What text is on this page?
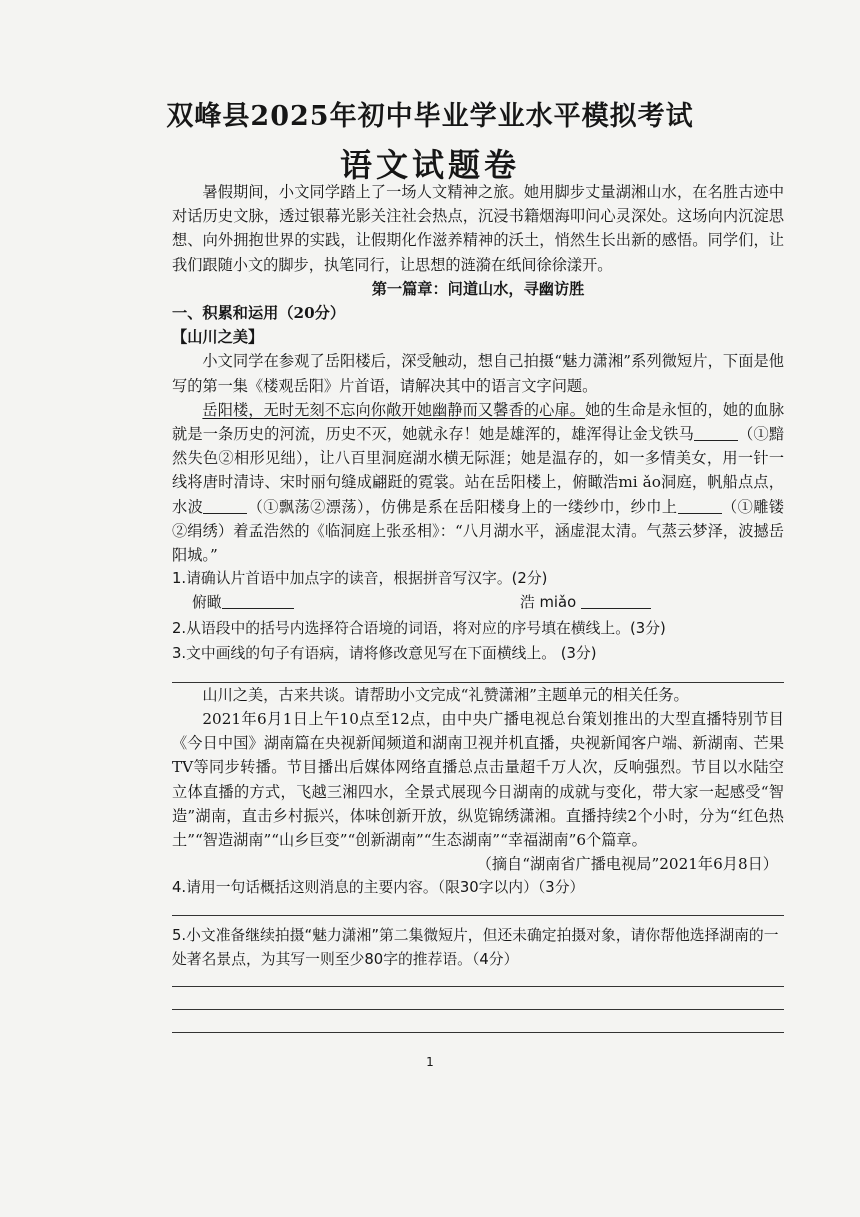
双峰县2025年初中毕业学业水平模拟考试
语文试题卷

暑假期间，小文同学踏上了一场人文精神之旅。她用脚步丈量湖湘山水，在名胜古迹中对话历史文脉，透过银幕光影关注社会热点，沉浸书籍烟海叩问心灵深处。这场向内沉淀思想、向外拥抱世界的实践，让假期化作滋养精神的沃土，悄然生长出新的感悟。同学们，让我们跟随小文的脚步，执笔同行，让思想的涟漪在纸间徐徐漾开。

第一篇章：问道山水，寻幽访胜

一、积累和运用（20分）

【山川之美】

小文同学在参观了岳阳楼后，深受触动，想自己拍摄“魅力潇湘”系列微短片，下面是他写的第一集《楼观岳阳》片首语，请解决其中的语言文字问题。

岳阳楼，无时无刻不忘向你敞开她幽静而又馨香的心扉。她的生命是永恒的，她的血脉就是一条历史的河流，历史不灭，她就永存！她是雄浑的，雄浑得让金戈铁马	（①黯然失色②相形见绌），让八百里洞庭湖水横无际涯；她是温存的，如一多情美女，用一针一线将唐时清诗、宋时丽句缝成翩跹的霓裳。站在岳阳楼上，俯瞰浩mi ǎo洞庭，帆船点点，水波	（①飘荡②漂荡），仿佛是系在岳阳楼身上的一缕纱巾，纱巾上	（①雕镂 ②绢绣）着孟浩然的《临洞庭上张丞相》：“八月湖水平，涵虚混太清。气蒸云梦泽，波撼岳阳城。”

1.请确认片首语中加点字的读音，根据拼音写汉字。(2分)

俯瞰	浩 miǎo

2.从语段中的括号内选择符合语境的词语，将对应的序号填在横线上。(3分)

3.文中画线的句子有语病，请将修改意见写在下面横线上。 (3分)

山川之美，古来共谈。请帮助小文完成“礼赞潇湘”主题单元的相关任务。

2021年6月1日上午10点至12点，由中央广播电视总台策划推出的大型直播特别节目《今日中国》湖南篇在央视新闻频道和湖南卫视并机直播，央视新闻客户端、新湖南、芒果TV等同步转播。节目播出后媒体网络直播总点击量超千万人次，反响强烈。节目以水陆空立体直播的方式，飞越三湘四水，全景式展现今日湖南的成就与变化，带大家一起感受“智造”湖南，直击乡村振兴，体味创新开放，纵览锦绣潇湘。直播持续2个小时，分为“红色热土”“智造湖南”“山乡巨变”“创新湖南”“生态湖南”“幸福湖南”6个篇章。

（摘自“湖南省广播电视局”2021年6月8日）

4.请用一句话概括这则消息的主要内容。（限30字以内）（3分）

5.小文准备继续拍摄“魅力潇湘”第二集微短片，但还未确定拍摄对象，请你帮他选择湖南的一处著名景点，为其写一则至少80字的推荐语。（4分）

1
